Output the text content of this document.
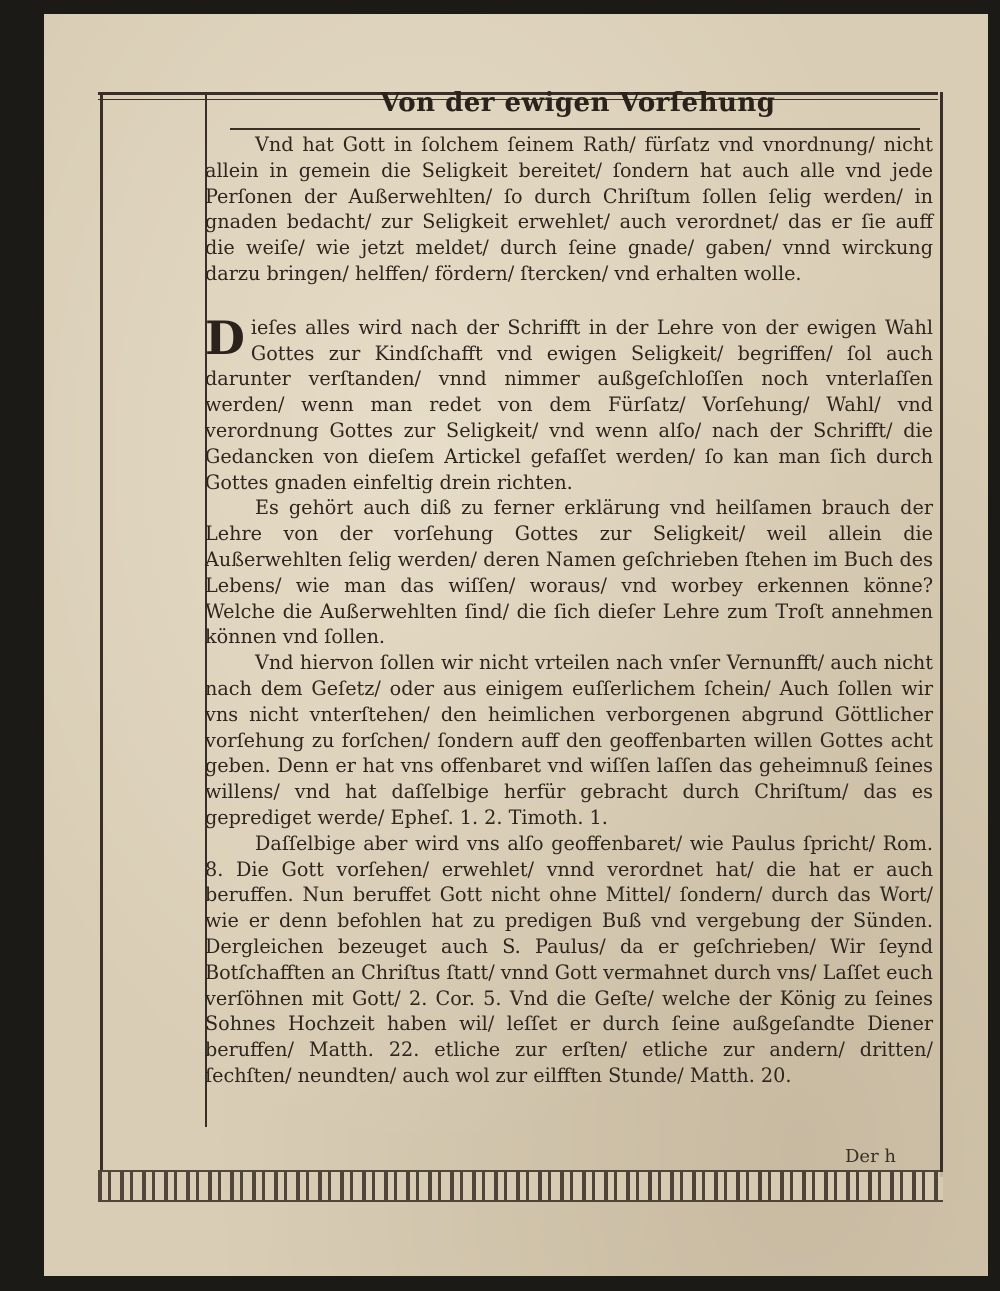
Von der ewigen Vorſehung

Vnd hat Gott in ſolchem ſeinem Rath/ fürſatz vnd vnordnung/ nicht allein in gemein die Seligkeit bereitet/ ſondern hat auch alle vnd jede Perſonen der Außerwehlten/ ſo durch Chriſtum ſollen ſelig werden/ in gnaden bedacht/ zur Seligkeit erwehlet/ auch verordnet/ das er ſie auff die weiſe/ wie jetzt meldet/ durch ſeine gnade/ gaben/ vnnd wirckung darzu bringen/ helffen/ fördern/ ſtercken/ vnd erhalten wolle.

Dieſes alles wird nach der Schrifft in der Lehre von der ewigen Wahl Gottes zur Kindſchafft vnd ewigen Seligkeit/ begriffen/ ſol auch darunter verſtanden/ vnnd nimmer außgeſchloſſen noch vnterlaſſen werden/ wenn man redet von dem Fürſatz/ Vorſehung/ Wahl/ vnd verordnung Gottes zur Seligkeit/ vnd wenn alſo/ nach der Schrifft/ die Gedancken von dieſem Artickel gefaſſet werden/ ſo kan man ſich durch Gottes gnaden einfeltig drein richten.

Es gehört auch diß zu ferner erklärung vnd heilſamen brauch der Lehre von der vorſehung Gottes zur Seligkeit/ weil allein die Außerwehlten ſelig werden/ deren Namen geſchrieben ſtehen im Buch des Lebens/ wie man das wiſſen/ woraus/ vnd worbey erkennen könne? Welche die Außerwehlten ſind/ die ſich dieſer Lehre zum Troſt annehmen können vnd ſollen.

Vnd hiervon ſollen wir nicht vrteilen nach vnſer Vernunfft/ auch nicht nach dem Geſetz/ oder aus einigem euſſerlichem ſchein/ Auch ſollen wir vns nicht vnterſtehen/ den heimlichen verborgenen abgrund Göttlicher vorſehung zu forſchen/ ſondern auff den geoffenbarten willen Gottes acht geben. Denn er hat vns offenbaret vnd wiſſen laſſen das geheimnuß ſeines willens/ vnd hat daſſelbige herfür gebracht durch Chriſtum/ das es geprediget werde/ Epheſ. 1. 2. Timoth. 1.

Daſſelbige aber wird vns alſo geoffenbaret/ wie Paulus ſpricht/ Rom. 8. Die Gott vorſehen/ erwehlet/ vnnd verordnet hat/ die hat er auch beruffen. Nun beruffet Gott nicht ohne Mittel/ ſondern/ durch das Wort/ wie er denn befohlen hat zu predigen Buß vnd vergebung der Sünden. Dergleichen bezeuget auch S. Paulus/ da er geſchrieben/ Wir ſeynd Botſchafften an Chriſtus ſtatt/ vnnd Gott vermahnet durch vns/ Laſſet euch verſöhnen mit Gott/ 2. Cor. 5. Vnd die Geſte/ welche der König zu ſeines Sohnes Hochzeit haben wil/ leſſet er durch ſeine außgeſandte Diener beruffen/ Matth. 22. etliche zur erſten/ etliche zur andern/ dritten/ ſechſten/ neundten/ auch wol zur eilfften Stunde/ Matth. 20.

Der h
